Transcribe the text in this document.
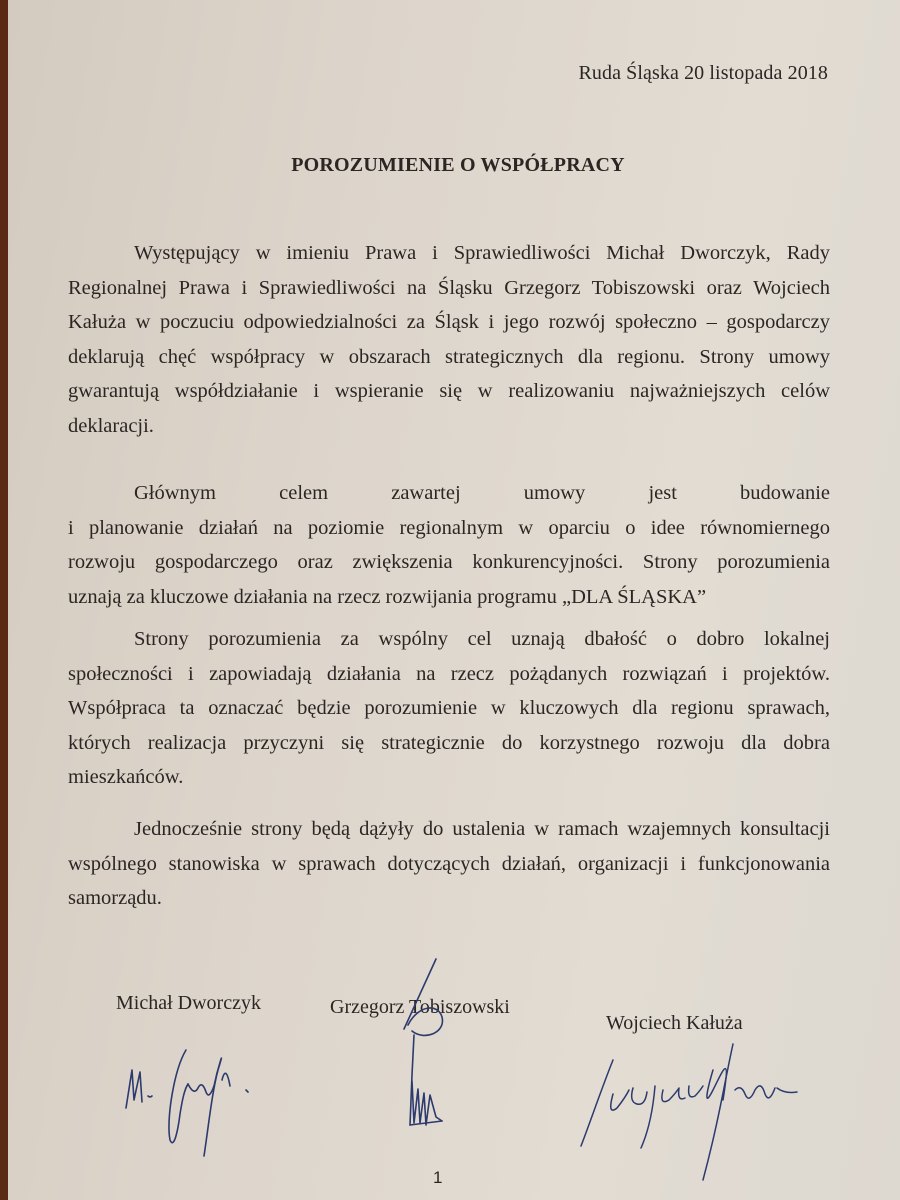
Ruda Śląska 20 listopada 2018
POROZUMIENIE O WSPÓŁPRACY
Występujący w imieniu Prawa i Sprawiedliwości Michał Dworczyk, Rady
Regionalnej Prawa i Sprawiedliwości na Śląsku Grzegorz Tobiszowski oraz Wojciech
Kałuża w poczuciu odpowiedzialności za Śląsk i jego rozwój społeczno – gospodarczy
deklarują chęć współpracy w obszarach strategicznych dla regionu. Strony umowy
gwarantują współdziałanie i wspieranie się w realizowaniu najważniejszych celów
deklaracji.
Głównym	celem	zawartej	umowy	jest	budowanie
i planowanie działań na poziomie regionalnym w oparciu o idee równomiernego
rozwoju gospodarczego oraz zwiększenia konkurencyjności. Strony porozumienia
uznają za kluczowe działania na rzecz rozwijania programu „DLA ŚLĄSKA”
Strony porozumienia za wspólny cel uznają dbałość o dobro lokalnej
społeczności i zapowiadają działania na rzecz pożądanych rozwiązań i projektów.
Współpraca ta oznaczać będzie porozumienie w kluczowych dla regionu sprawach,
których realizacja przyczyni się strategicznie do korzystnego rozwoju dla dobra
mieszkańców.
Jednocześnie strony będą dążyły do ustalenia w ramach wzajemnych konsultacji
wspólnego stanowiska w sprawach dotyczących działań, organizacji i funkcjonowania
samorządu.
Michał Dworczyk	Grzegorz Tobiszowski
Wojciech Kałuża
1
